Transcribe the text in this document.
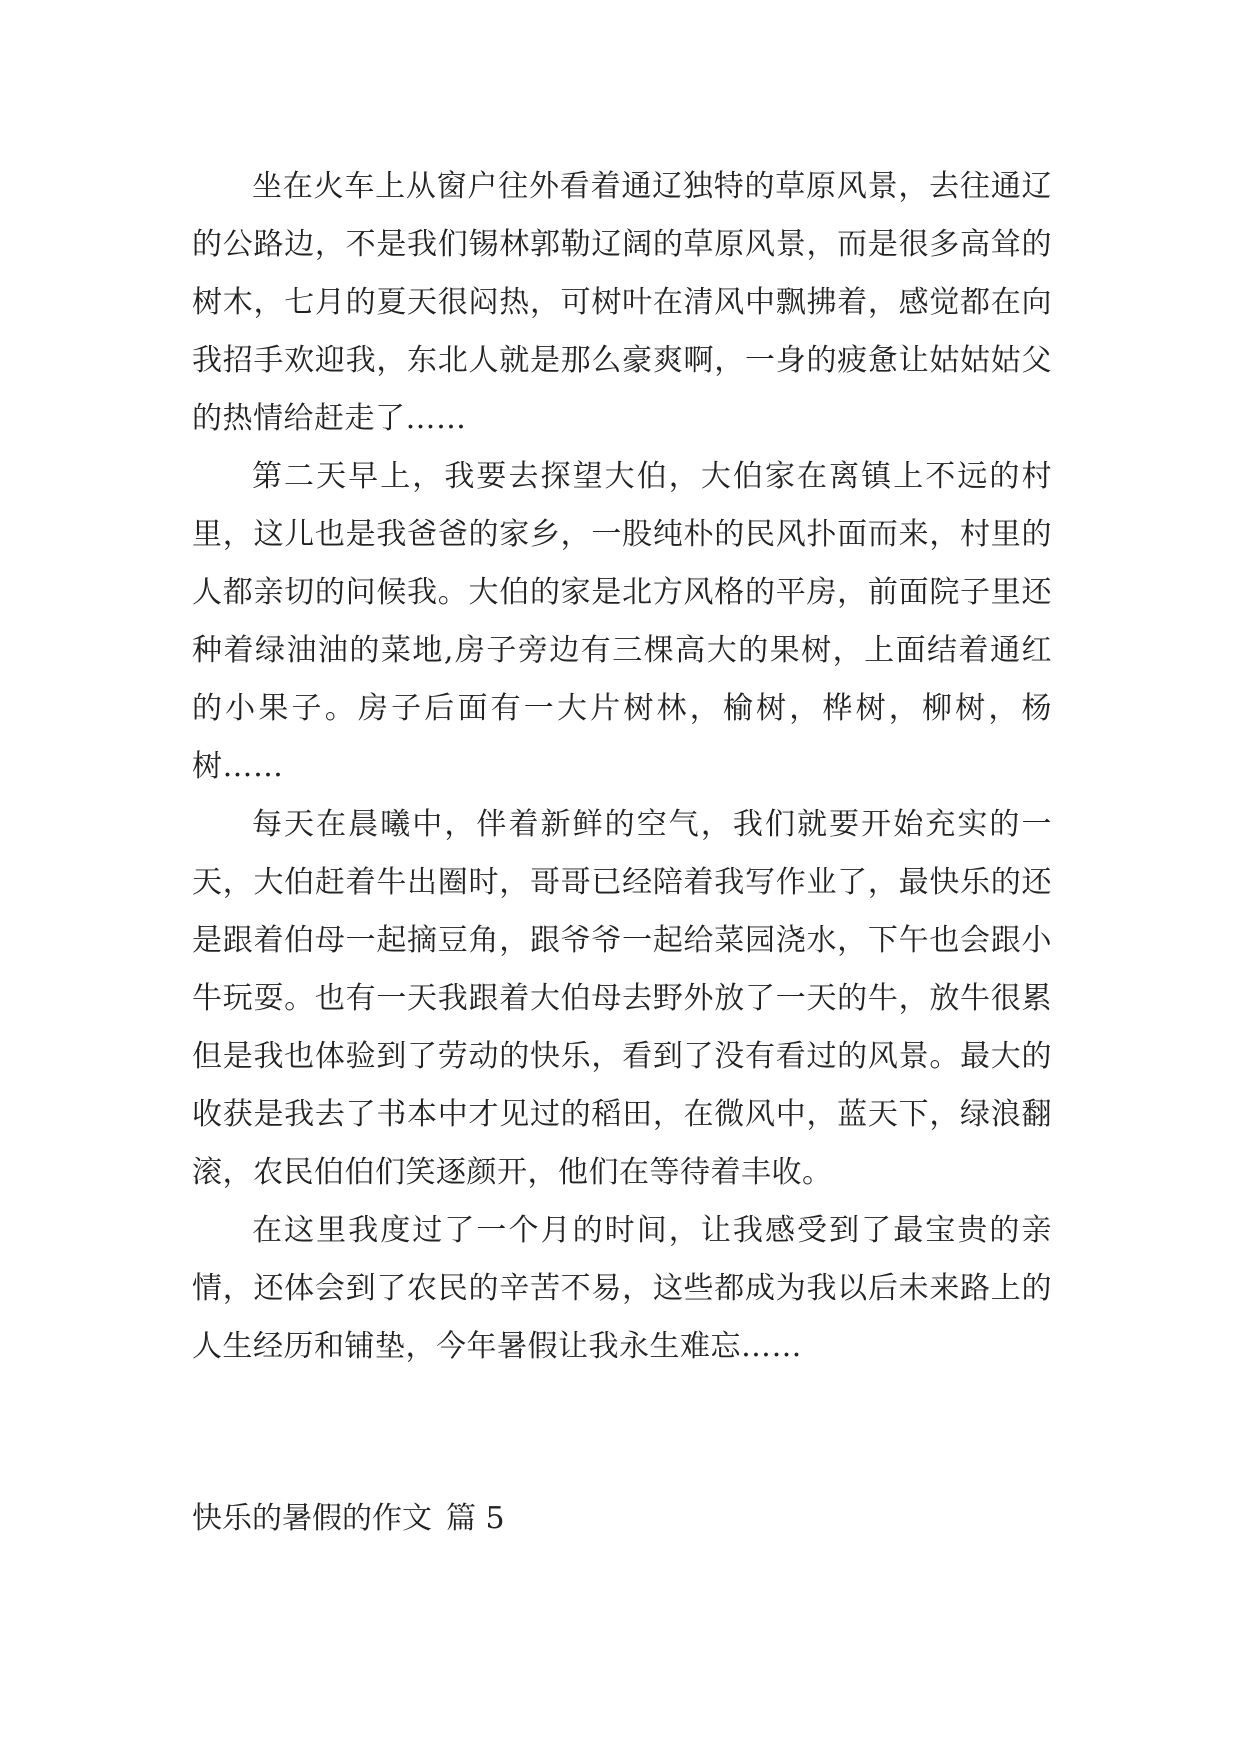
坐在火车上从窗户往外看着通辽独特的草原风景，去往通辽的公路边，不是我们锡林郭勒辽阔的草原风景，而是很多高耸的树木，七月的夏天很闷热，可树叶在清风中飘拂着，感觉都在向我招手欢迎我，东北人就是那么豪爽啊，一身的疲惫让姑姑姑父的热情给赶走了……

第二天早上，我要去探望大伯，大伯家在离镇上不远的村里，这儿也是我爸爸的家乡，一股纯朴的民风扑面而来，村里的人都亲切的问候我。大伯的家是北方风格的平房，前面院子里还种着绿油油的菜地,房子旁边有三棵高大的果树，上面结着通红的小果子。房子后面有一大片树林，榆树，桦树，柳树，杨树……

每天在晨曦中，伴着新鲜的空气，我们就要开始充实的一天，大伯赶着牛出圈时，哥哥已经陪着我写作业了，最快乐的还是跟着伯母一起摘豆角，跟爷爷一起给菜园浇水，下午也会跟小牛玩耍。也有一天我跟着大伯母去野外放了一天的牛，放牛很累但是我也体验到了劳动的快乐，看到了没有看过的风景。最大的收获是我去了书本中才见过的稻田，在微风中，蓝天下，绿浪翻滚，农民伯伯们笑逐颜开，他们在等待着丰收。

在这里我度过了一个月的时间，让我感受到了最宝贵的亲情，还体会到了农民的辛苦不易，这些都成为我以后未来路上的人生经历和铺垫，今年暑假让我永生难忘……

快乐的暑假的作文 篇 5
